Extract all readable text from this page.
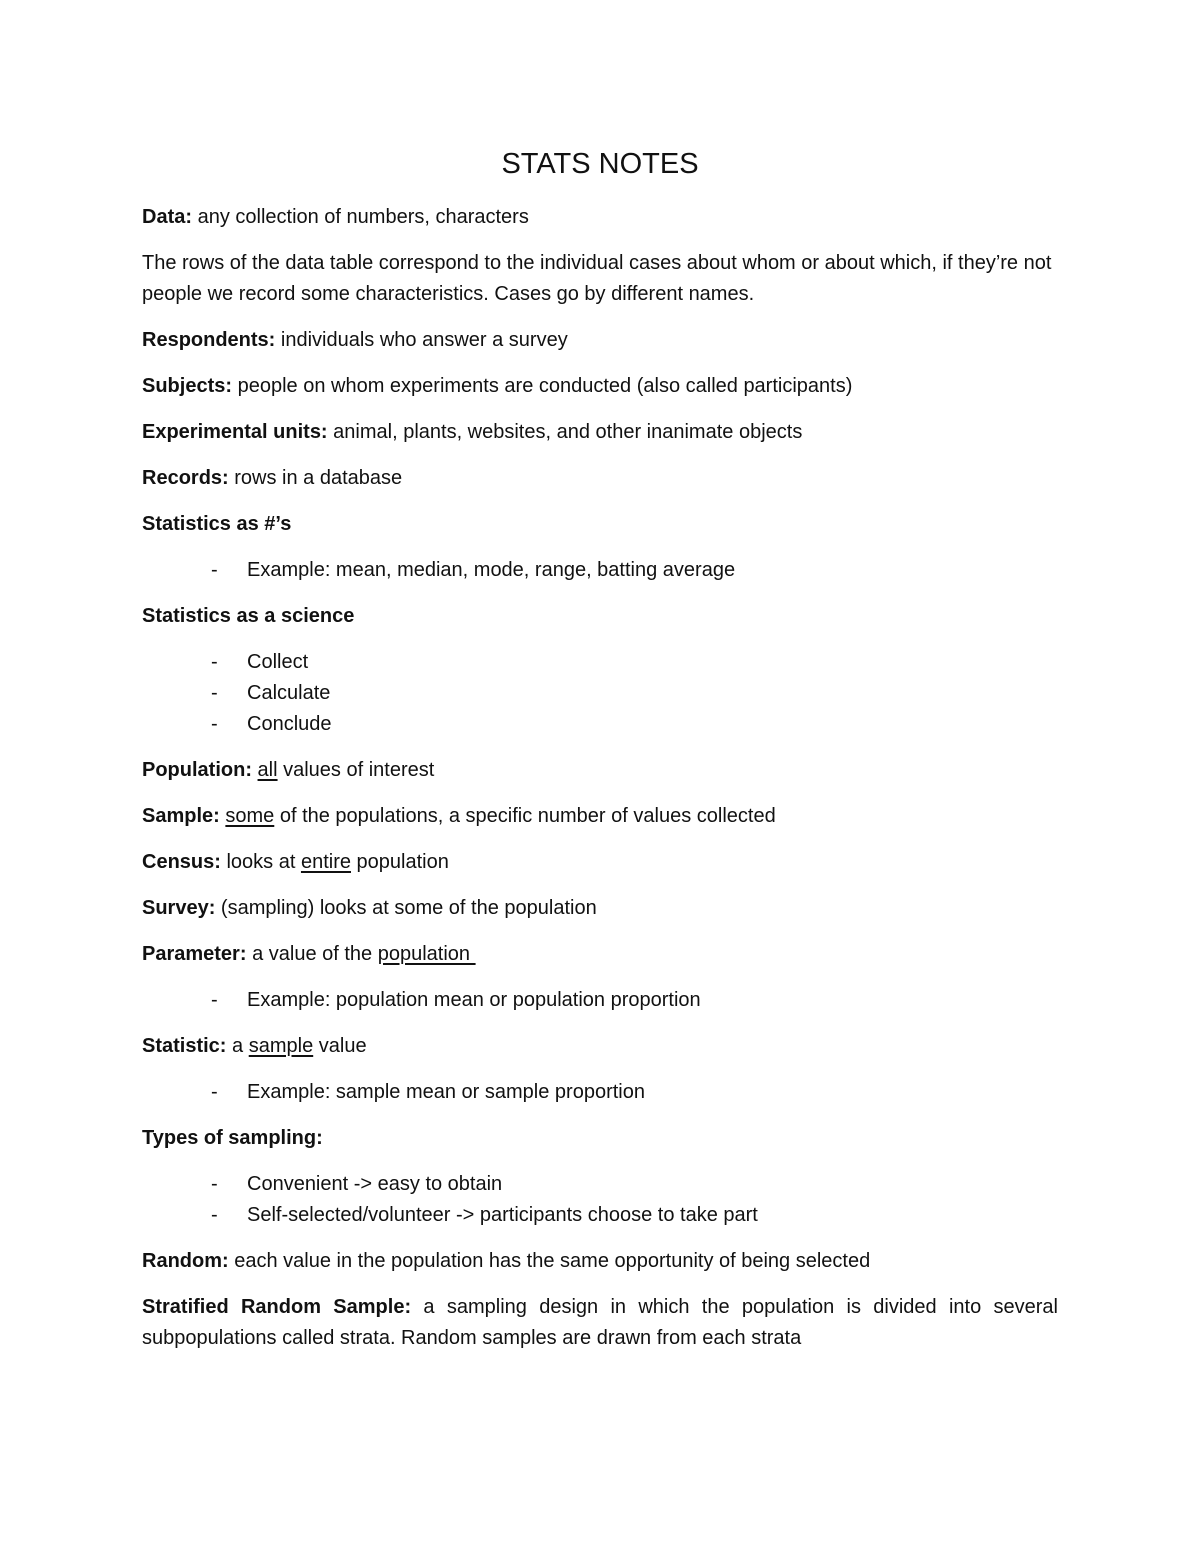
STATS NOTES

Data: any collection of numbers, characters

The rows of the data table correspond to the individual cases about whom or about which, if they’re not people we record some characteristics. Cases go by different names.

Respondents: individuals who answer a survey

Subjects: people on whom experiments are conducted (also called participants)

Experimental units: animal, plants, websites, and other inanimate objects

Records: rows in a database

Statistics as #’s

- Example: mean, median, mode, range, batting average

Statistics as a science

- Collect
- Calculate
- Conclude

Population: all values of interest

Sample: some of the populations, a specific number of values collected

Census: looks at entire population

Survey: (sampling) looks at some of the population

Parameter: a value of the population

- Example: population mean or population proportion

Statistic: a sample value

- Example: sample mean or sample proportion

Types of sampling:

- Convenient -> easy to obtain
- Self-selected/volunteer -> participants choose to take part

Random: each value in the population has the same opportunity of being selected

Stratified Random Sample: a sampling design in which the population is divided into several subpopulations called strata. Random samples are drawn from each strata
